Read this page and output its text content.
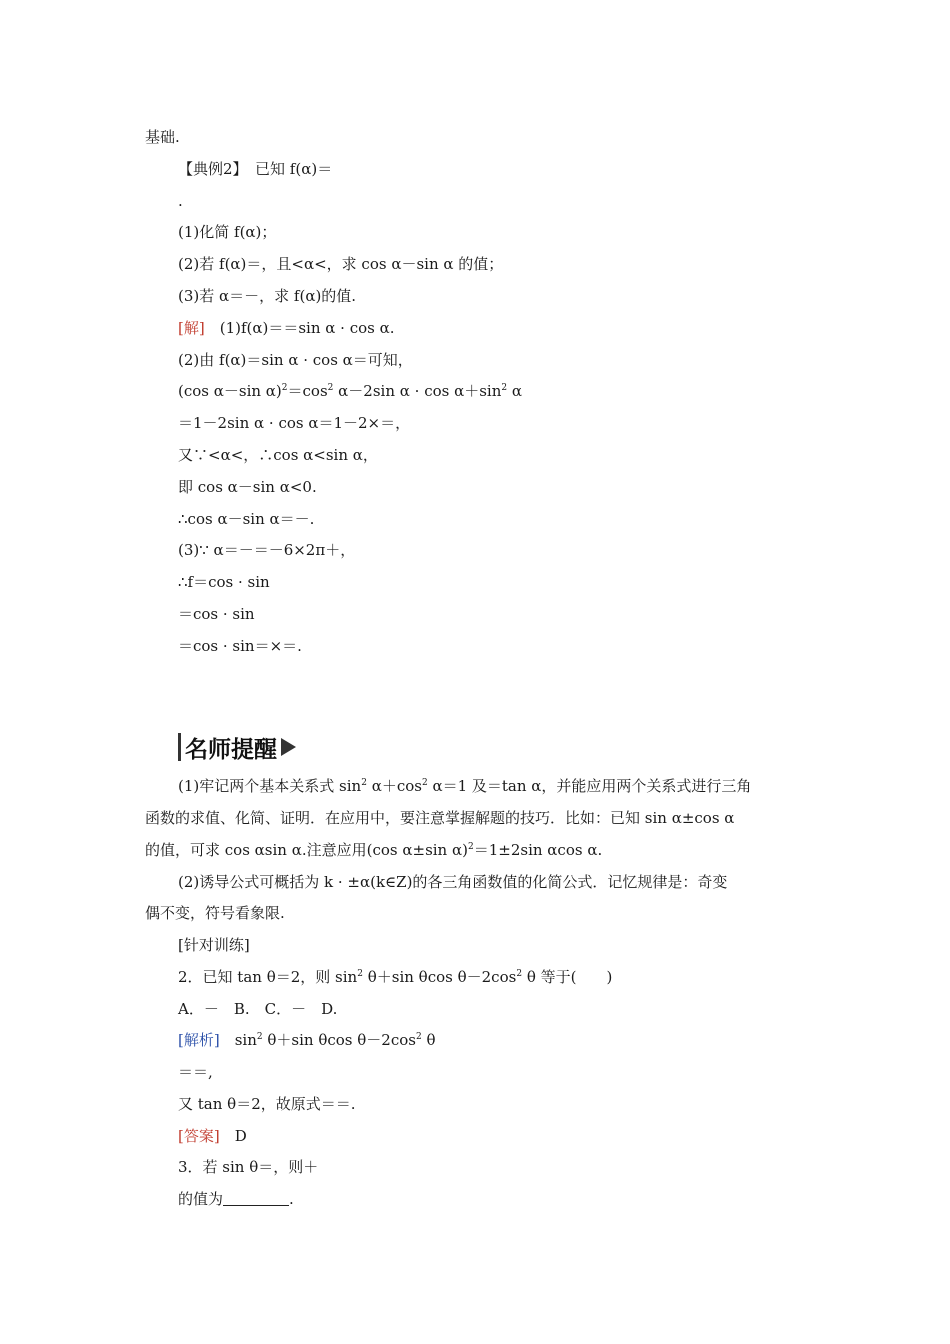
基础.
【典例2】　已知 f(α)＝
.
(1)化简 f(α)；
(2)若 f(α)＝，且<α<，求 cos α－sin α 的值；
(3)若 α＝－，求 f(α)的值.
[解]　(1)f(α)＝＝sin α · cos α.
(2)由 f(α)＝sin α · cos α＝可知，
(cos α－sin $\alpha)^2=\cos^2$ α－2sin $\alpha \cdot \cos \alpha+\sin^2$ α
＝1－2sin α · cos α＝1－2×＝，
又∵<α<，∴cos α<sin α，
即 cos α－sin α<0.
∴cos α－sin α＝－.
(3)∵ α＝－＝－6×2π＋，
∴f＝cos · sin
＝cos · sin
＝cos · sin＝×＝.
名师提醒
(1)牢记两个基本关系式 $\sin^2 \alpha+\cos^2$ α＝1 及＝tan α，并能应用两个关系式进行三角
函数的求值、化简、证明．在应用中，要注意掌握解题的技巧．比如：已知 sin α±cos α
的值，可求 cos αsin α.注意应用(cos α±sin α)$^2$＝1±2sin αcos α.
(2)诱导公式可概括为 k · ±α(k∈Z)的各三角函数值的化简公式．记忆规律是：奇变
偶不变，符号看象限.
[针对训练]
2．已知 tan θ＝2，则 $\sin^2 \theta+\sin$ θcos $\theta-2\cos^2$ θ 等于(　　)
A．－　B.　C．－　D.
[解析]　$\sin^2 \theta+\sin$ θcos $\theta-2\cos^2$ θ
＝＝,
又 tan θ＝2，故原式＝＝.
[答案]　D
3．若 sin θ＝，则＋
的值为	.
